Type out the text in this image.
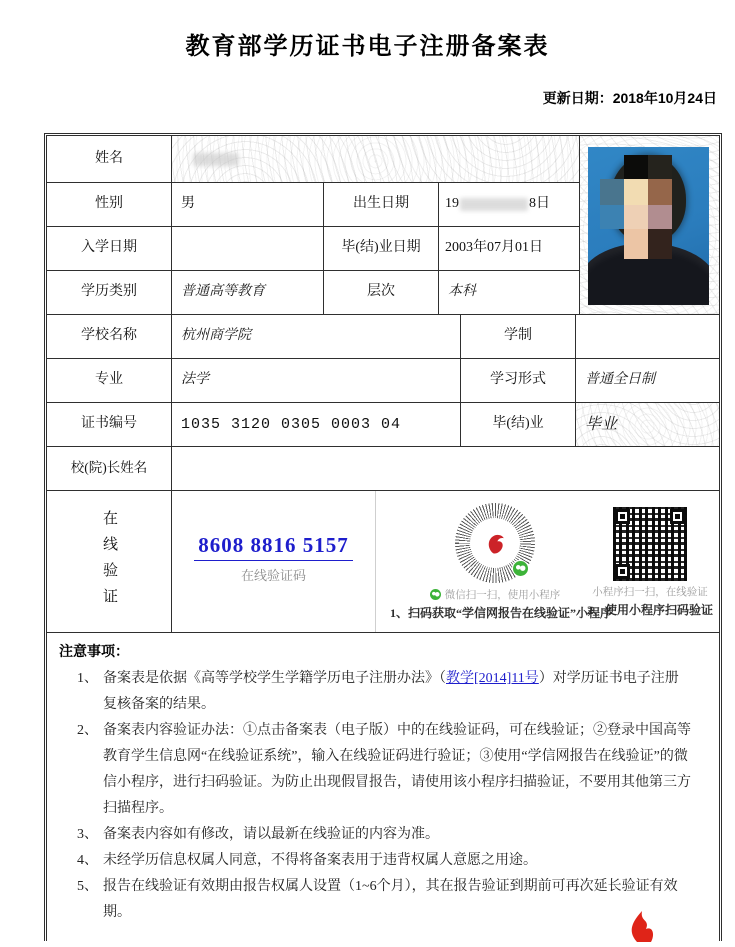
教育部学历证书电子注册备案表
更新日期：2018年10月24日
姓名
性别	男	出生日期	19	8日
入学日期	毕(结)业日期 2003年07月01日
学历类别	普通高等教育	层次	本科
学校名称	杭州商学院	学制
专业	法学	学习形式	普通全日制
证书编号	1035 3120 0305 0003 04	毕(结)业	毕业
校(院)长姓名
在线验证	8608 8816 5157
在线验证码
微信扫一扫，使用小程序
1、扫码获取“学信网报告在线验证”小程序
小程序扫一扫，在线验证
2、使用小程序扫码验证
注意事项：
1、 备案表是依据《高等学校学生学籍学历电子注册办法》（教学[2014]11号）对学历证书电子注册复核备案的结果。
2、 备案表内容验证办法：①点击备案表（电子版）中的在线验证码，可在线验证；②登录中国高等教育学生信息网“在线验证系统”，输入在线验证码进行验证；③使用“学信网报告在线验证”的微信小程序，进行扫码验证。为防止出现假冒报告，请使用该小程序扫描验证，不要用其他第三方扫描程序。
3、 备案表内容如有修改，请以最新在线验证的内容为准。
4、 未经学历信息权属人同意，不得将备案表用于违背权属人意愿之用途。
5、 报告在线验证有效期由报告权属人设置（1~6个月），其在报告验证到期前可再次延长验证有效期。
